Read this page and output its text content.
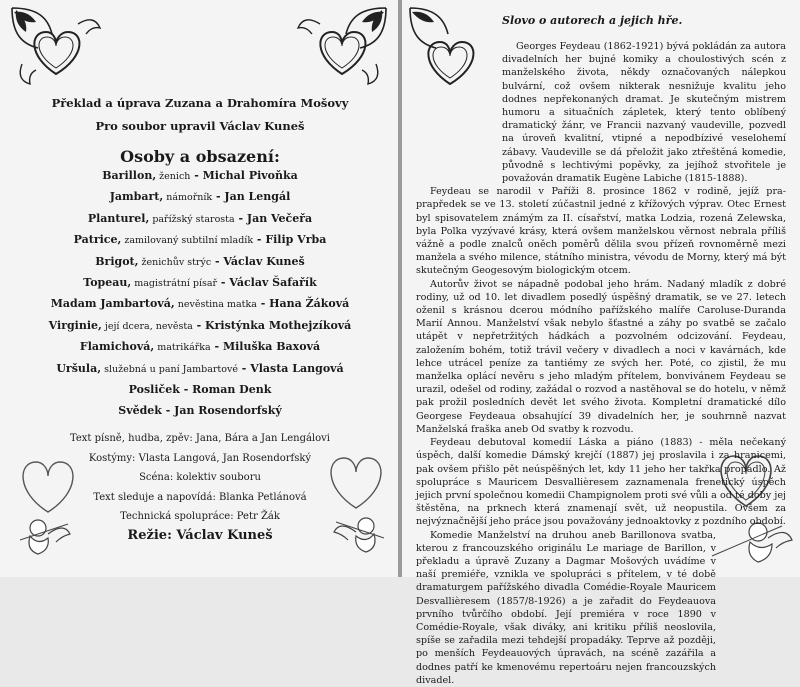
Překlad a úprava Zuzana a Drahomíra Mošovy
Pro soubor upravil Václav Kuneš
Osoby a obsazení:
Barillon, ženich - Michal Pivoňka
Jambart, námořník - Jan Lengál
Planturel, pařížský starosta - Jan Večeřa
Patrice, zamilovaný subtilní mladík - Filip Vrba
Brigot, ženichův strýc - Václav Kuneš
Topeau, magistrátní písař - Václav Šafařík
Madam Jambartová, nevěstina matka - Hana Žáková
Virginie, její dcera, nevěsta - Kristýnka Mothejzíková
Flamichová, matrikářka - Miluška Baxová
Uršula, služebná u paní Jambartové - Vlasta Langová
Posliček - Roman Denk
Svědek - Jan Rosendorfský
Text písně, hudba, zpěv: Jana, Bára a Jan Lengálovi
Kostýmy: Vlasta Langová, Jan Rosendorfský
Scéna: kolektiv souboru
Text sleduje a napovídá: Blanka Petlánová
Technická spolupráce: Petr Žák
Režie: Václav Kuneš
Slovo o autorech a jejich hře.

Georges Feydeau (1862-1921) bývá pokládán za autora divadelních her bujné komiky a choulostivých scén z manželského života, někdy označovaných nálepkou bulvární, což ovšem nikterak nesnižuje kvalitu jeho dodnes nepřekonaných dramat. Je skutečným mistrem humoru a situačních zápletek, který tento oblíbený dramatický žánr, ve Francii nazvaný vaudeville, pozvedl na úroveň kvalitní, vtipné a nepodbízivé veselohemí zábavy. Vaudeville se dá přeložit jako ztřeštěná komedie, původně s lechtivými popěvky, za jejíhož stvořitele je považován dramatik Eugène Labiche (1815-1888).

Feydeau se narodil v Paříži 8. prosince 1862 v rodině, jejíž pra-prapředek se ve 13. století zúčastnil jedné z křížových výprav. Otec Ernest byl spisovatelem známým za II. císařství, matka Lodzia, rozená Zelewska, byla Polka vyzývavé krásy, která ovšem manželskou věrnost nebrala příliš vážně a podle znalců oněch poměrů dělila svou přízeň rovnoměrně mezi manžela a svého milence, státního ministra, vévodu de Morny, který má být skutečným Geogesovým biologickým otcem.

Autorův život se nápadně podobal jeho hrám. Nadaný mladík z dobré rodiny, už od 10. let divadlem posedlý úspěšný dramatik, se ve 27. letech oženil s krásnou dcerou módního pařížského malíře Caroluse-Duranda Marií Annou. Manželství však nebylo šťastné a záhy po svatbě se začalo utápět v nepřetržitých hádkách a pozvolném odcizování. Feydeau, založením bohém, totiž trávil večery v divadlech a noci v kavárnách, kde lehce utrácel peníze za tantiémy ze svých her. Poté, co zjistil, že mu manželka oplácí nevěru s jeho mladým přítelem, bonvivánem Feydeau se urazil, odešel od rodiny, zažádal o rozvod a nastěhoval se do hotelu, v němž pak prožil posledních devět let svého života. Kompletní dramatické dílo Georgese Feydeaua obsahující 39 divadelních her, je souhrnně nazvat Manželská fraška aneb Od svatby k rozvodu.

Feydeau debutoval komedií Láska a piáno (1883) - měla nečekaný úspěch, další komedie Dámský krejčí (1887) jej proslavila i za hranicemi, pak ovšem přišlo pět neúspěšných let, kdy 11 jeho her takřka propadlo. Až spolupráce s Mauricem Desvallièresem zaznamenala frenetický úspěch jejich první společnou komedii Champignolem proti své vůli a od té doby jej štěstěna, na prknech která znamenají svět, už neopustila. Ovšem za nejvýznačnější jeho práce jsou považovány jednoaktovky z pozdního období.

Komedie Manželství na druhou aneb Barillonova svatba, kterou z francouzského originálu Le mariage de Barillon, v překladu a úpravě Zuzany a Dagmar Mošových uvádíme v naší premiéře, vznikla ve spolupráci s přítelem, v té době dramaturgem pařížského divadla Comédie-Royale Mauricem Desvallièresem (1857/8-1926) a je zařadit do Feydeauova prvního tvůrčího období. Její premiéra v roce 1890 v Comédie-Royale, však diváky, ani kritiku příliš neoslovila, spíše se zařadila mezi tehdejší propadáky. Teprve až později, po menších Feydeauových úpravách, na scéně zazářila a dodnes patří ke kmenovému repertoáru nejen francouzských divadel.
